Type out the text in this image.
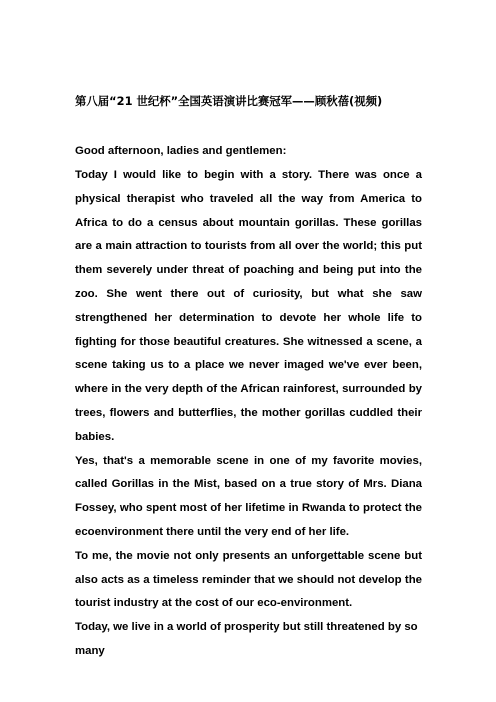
第八届“21 世纪杯”全国英语演讲比赛冠军——顾秋蓓(视频)
Good afternoon, ladies and gentlemen:

Today I would like to begin with a story. There was once a physical therapist who traveled all the way from America to Africa to do a census about mountain gorillas. These gorillas are a main attraction to tourists from all over the world; this put them severely under threat of poaching and being put into the zoo. She went there out of curiosity, but what she saw strengthened her determination to devote her whole life to fighting for those beautiful creatures. She witnessed a scene, a scene taking us to a place we never imaged we've ever been, where in the very depth of the African rainforest, surrounded by trees, flowers and butterflies, the mother gorillas cuddled their babies.

Yes, that's a memorable scene in one of my favorite movies, called Gorillas in the Mist, based on a true story of Mrs. Diana Fossey, who spent most of her lifetime in Rwanda to protect the ecoenvironment there until the very end of her life.

To me, the movie not only presents an unforgettable scene but also acts as a timeless reminder that we should not develop the tourist industry at the cost of our eco-environment.

Today, we live in a world of prosperity but still threatened by so many
